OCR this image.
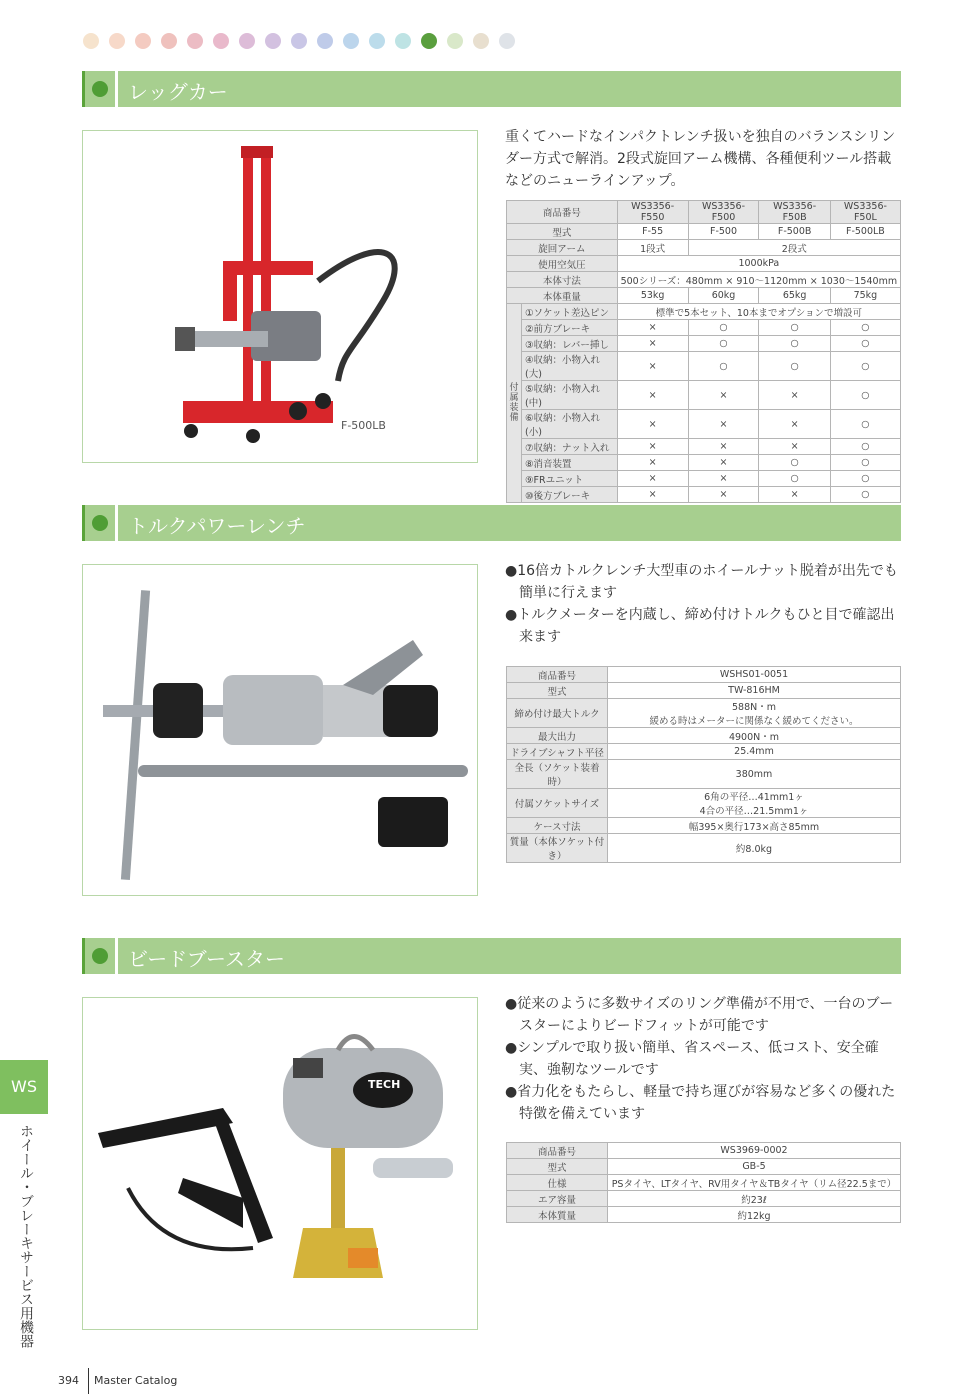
レッグカー
F-500LB

重くてハードなインパクトレンチ扱いを独自のバランスシリンダー方式で解消。2段式旋回アーム機構、各種便利ツール搭載などのニューラインアップ。

商品番号		WS3356-F550	WS3356-F500	WS3356-F50B	WS3356-F50L
型式		F-55	F-500	F-500B	F-500LB
旋回アーム		1段式	2段式		
使用空気圧		1000kPa			
本体寸法		500シリーズ：480mm × 910～1120mm × 1030～1540mm			
本体重量		53kg	60kg	65kg	75kg
付属装備	①ソケット差込ピン	標準で5本セット、10本までオプションで増設可			
	②前方ブレーキ	×	○	○	○
	③収納：レバー挿し	×	○	○	○
	④収納：小物入れ(大)	×	○	○	○
	⑤収納：小物入れ(中)	×	×	×	○
	⑥収納：小物入れ(小)	×	×	×	○
	⑦収納：ナット入れ	×	×	×	○
	⑧消音装置	×	×	○	○
	⑨FRユニット	×	×	○	○
	⑩後方ブレーキ	×	×	×	○
トルクパワーレンチ

●16倍カトルクレンチ大型車のホイールナット脱着が出先でも簡単に行えます

●トルクメーターを内蔵し、締め付けトルクもひと目で確認出来ます

商品番号	WSHS01-0051

型式	TW-816HM

締め付け最大トルク	588N・m
緩める時はメーターに関係なく緩めてください。

最大出力	4900N・m

ドライブシャフト平径	25.4mm

全長（ソケット装着時）	380mm

付属ソケットサイズ	6角の平径…41mm1ヶ
4合の平径…21.5mm1ヶ

ケース寸法	幅395×奥行173×高さ85mm

質量（本体ソケット付き）	約8.0kg
ビードブースター
TECH

●従来のように多数サイズのリング準備が不用で、一台のブースターによりビードフィットが可能です

●シンプルで取り扱い簡単、省スペース、低コスト、安全確実、強靭なツールです

●省力化をもたらし、軽量で持ち運びが容易など多くの優れた特徴を備えています

商品番号	WS3969-0002

型式	GB-5

仕様	PSタイヤ、LTタイヤ、RV用タイヤ＆TBタイヤ（リム径22.5まで）

エア容量	約23ℓ

本体質量	約12kg
WS
ホイール・ブレーキサービス用機器
394 Master Catalog
